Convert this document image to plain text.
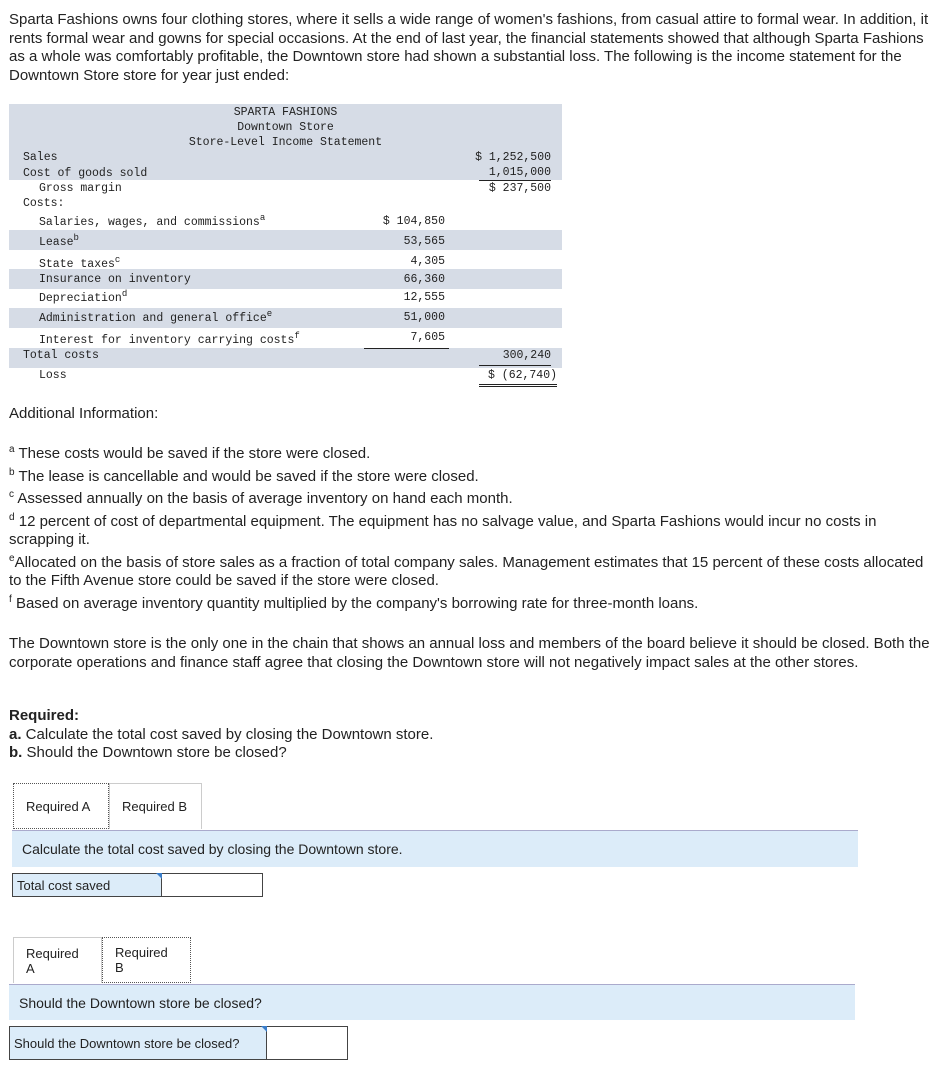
Sparta Fashions owns four clothing stores, where it sells a wide range of women's fashions, from casual attire to formal wear. In addition, it rents formal wear and gowns for special occasions. At the end of last year, the financial statements showed that although Sparta Fashions as a whole was comfortably profitable, the Downtown store had shown a substantial loss. The following is the income statement for the Downtown Store store for year just ended:

SPARTA FASHIONS
Downtown Store
Store-Level Income Statement
Sales	$ 1,252,500
Cost of goods sold	1,015,000
Gross margin	$ 237,500
Costs:
Salaries, wages, and commissions$^a$	$ 104,850
Lease$^b$	53,565
State taxes$^c$	4,305
Insurance on inventory	66,360
Depreciation$^d$	12,555
Administration and general office$^e$	51,000
Interest for inventory carrying costs$^f$	7,605
Total costs	300,240
Loss	$ (62,740)

Additional Information:

$^a$ These costs would be saved if the store were closed.

$^b$ The lease is cancellable and would be saved if the store were closed.

$^c$ Assessed annually on the basis of average inventory on hand each month.

$^d$ 12 percent of cost of departmental equipment. The equipment has no salvage value, and Sparta Fashions would incur no costs in scrapping it.

$^e$Allocated on the basis of store sales as a fraction of total company sales. Management estimates that 15 percent of these costs allocated to the Fifth Avenue store could be saved if the store were closed.

$^f$ Based on average inventory quantity multiplied by the company's borrowing rate for three-month loans.

The Downtown store is the only one in the chain that shows an annual loss and members of the board believe it should be closed. Both the corporate operations and finance staff agree that closing the Downtown store will not negatively impact sales at the other stores.

Required:
a. Calculate the total cost saved by closing the Downtown store.
b. Should the Downtown store be closed?
Required A	Required B
Calculate the total cost saved by closing the Downtown store.
Total cost saved
Required A
Required B
Should the Downtown store be closed?
Should the Downtown store be closed?
